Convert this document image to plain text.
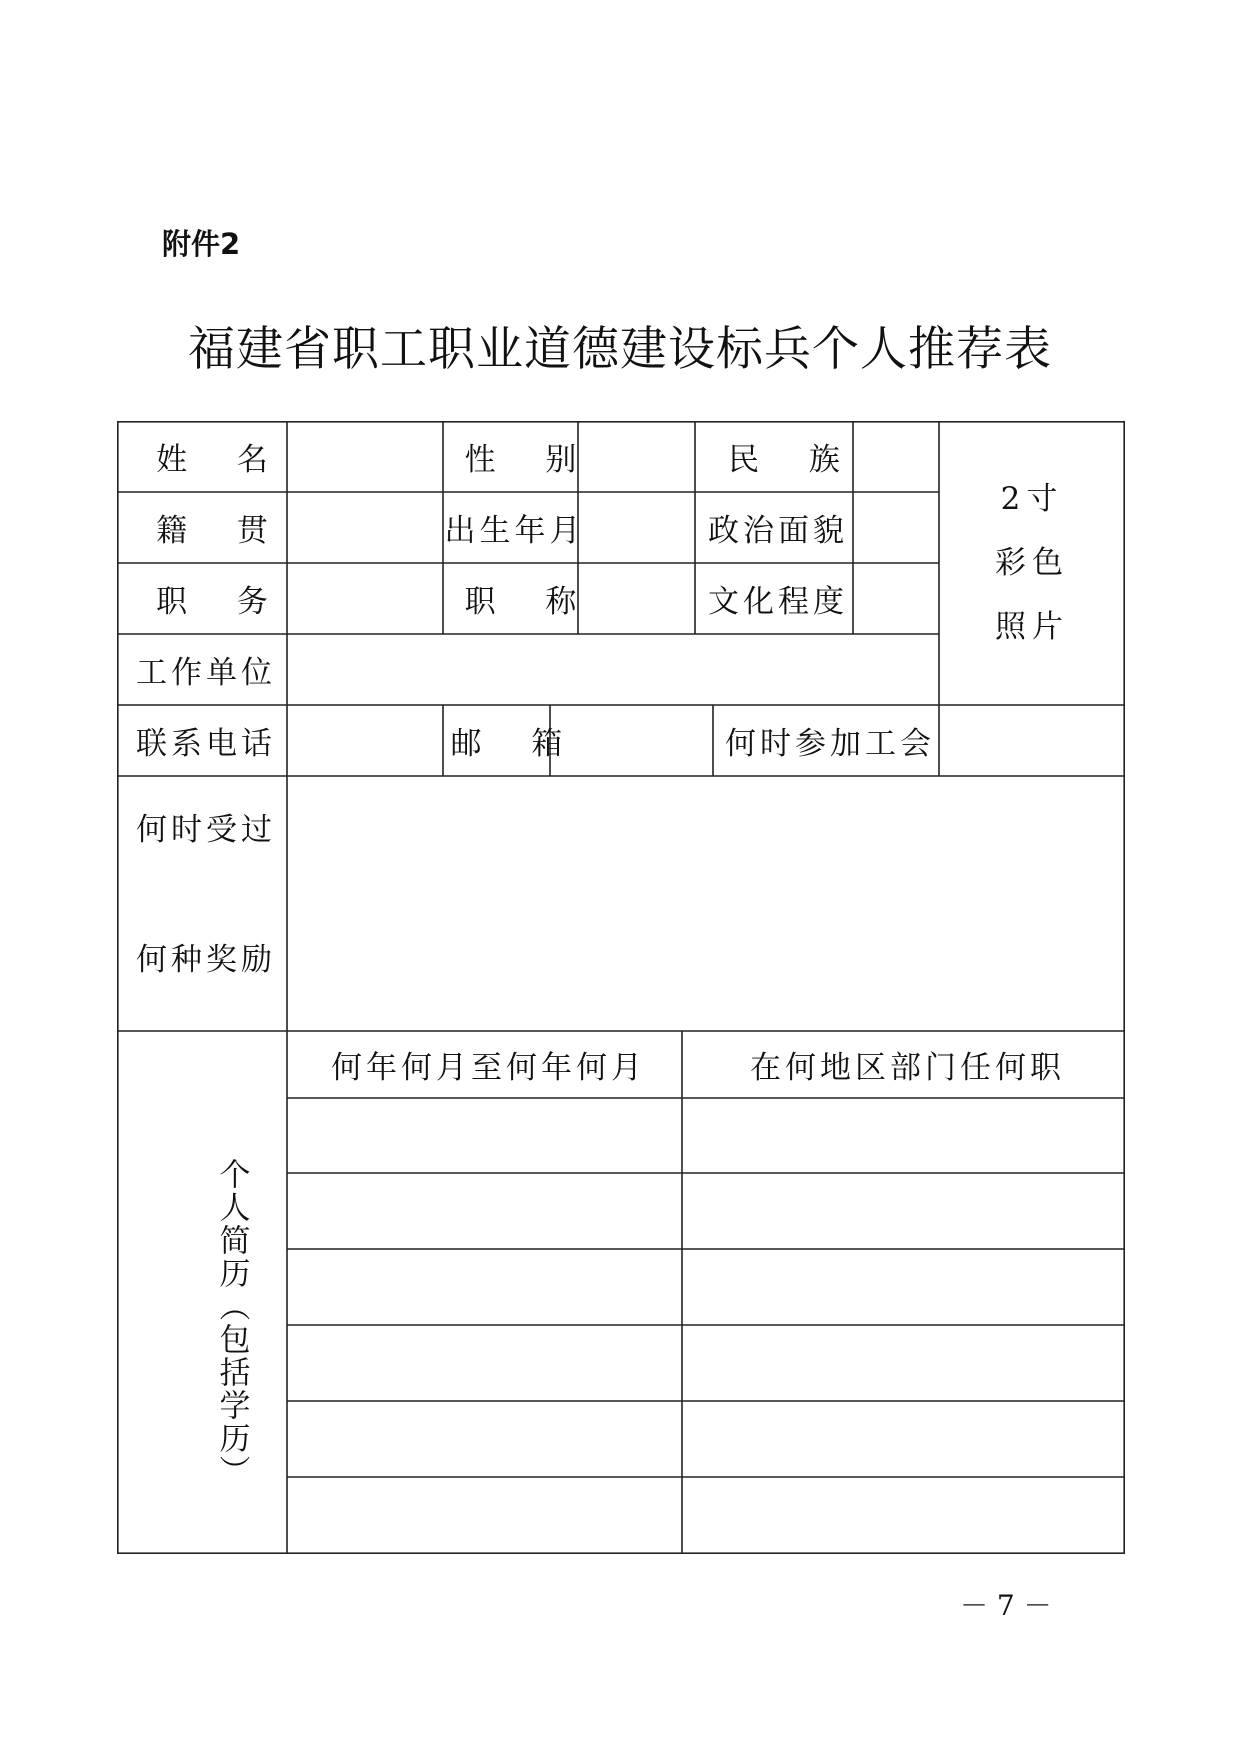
附件2
福建省职工职业道德建设标兵个人推荐表
姓 名	性 别	民 族
籍 贯	出生年月	政治面貌
职 务	职 称	文化程度
2寸
彩色
照片
工作单位
联系电话	邮 箱	何时参加工会
何时受过
何种奖励
个人简历（包括学历）
何年何月至何年何月	在何地区部门任何职
－ 7 －
